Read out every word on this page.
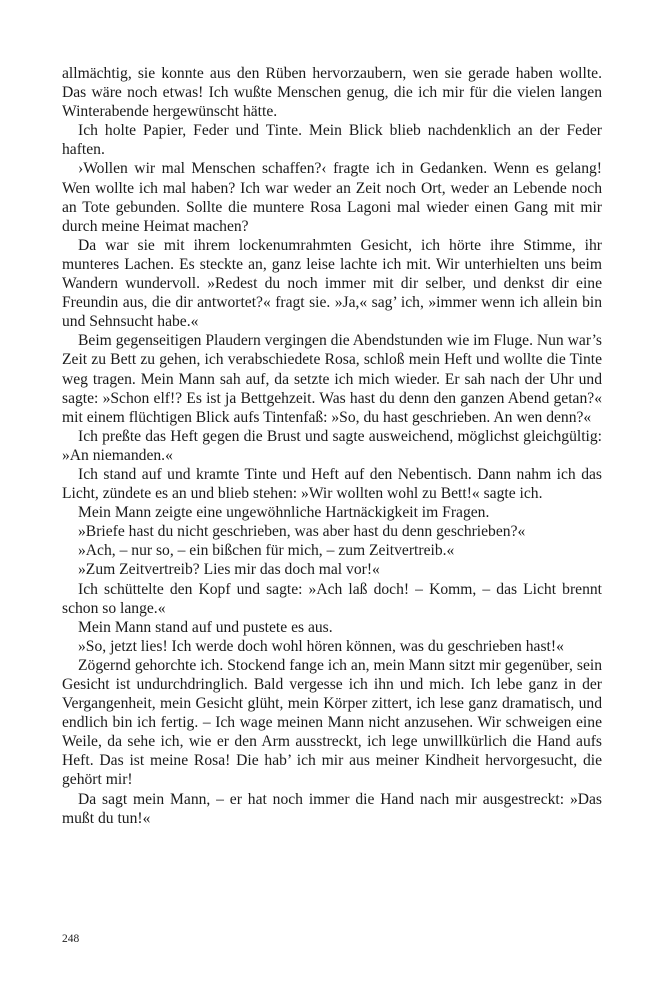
allmächtig, sie konnte aus den Rüben hervorzaubern, wen sie gerade haben wollte. Das wäre noch etwas! Ich wußte Menschen genug, die ich mir für die vielen langen Winterabende hergewünscht hätte.

Ich holte Papier, Feder und Tinte. Mein Blick blieb nachdenklich an der Feder haften.

›Wollen wir mal Menschen schaffen?‹ fragte ich in Gedanken. Wenn es gelang! Wen wollte ich mal haben? Ich war weder an Zeit noch Ort, weder an Lebende noch an Tote gebunden. Sollte die muntere Rosa Lagoni mal wieder einen Gang mit mir durch meine Heimat machen?

Da war sie mit ihrem lockenumrahmten Gesicht, ich hörte ihre Stimme, ihr munteres Lachen. Es steckte an, ganz leise lachte ich mit. Wir unterhielten uns beim Wandern wundervoll. »Redest du noch immer mit dir selber, und denkst dir eine Freundin aus, die dir antwortet?« fragt sie. »Ja,« sag’ ich, »immer wenn ich allein bin und Sehnsucht habe.«

Beim gegenseitigen Plaudern vergingen die Abendstunden wie im Fluge. Nun war’s Zeit zu Bett zu gehen, ich verabschiedete Rosa, schloß mein Heft und wollte die Tinte weg tragen. Mein Mann sah auf, da setzte ich mich wieder. Er sah nach der Uhr und sagte: »Schon elf!? Es ist ja Bettgehzeit. Was hast du denn den ganzen Abend getan?« mit einem flüchtigen Blick aufs Tintenfaß: »So, du hast geschrieben. An wen denn?«

Ich preßte das Heft gegen die Brust und sagte ausweichend, möglichst gleichgültig: »An niemanden.«

Ich stand auf und kramte Tinte und Heft auf den Nebentisch. Dann nahm ich das Licht, zündete es an und blieb stehen: »Wir wollten wohl zu Bett!« sagte ich.

Mein Mann zeigte eine ungewöhnliche Hartnäckigkeit im Fragen.

»Briefe hast du nicht geschrieben, was aber hast du denn geschrieben?«

»Ach, – nur so, – ein bißchen für mich, – zum Zeitvertreib.«

»Zum Zeitvertreib? Lies mir das doch mal vor!«

Ich schüttelte den Kopf und sagte: »Ach laß doch! – Komm, – das Licht brennt schon so lange.«

Mein Mann stand auf und pustete es aus.

»So, jetzt lies! Ich werde doch wohl hören können, was du geschrieben hast!«

Zögernd gehorchte ich. Stockend fange ich an, mein Mann sitzt mir gegenüber, sein Gesicht ist undurchdringlich. Bald vergesse ich ihn und mich. Ich lebe ganz in der Vergangenheit, mein Gesicht glüht, mein Körper zittert, ich lese ganz dramatisch, und endlich bin ich fertig. – Ich wage meinen Mann nicht anzusehen. Wir schweigen eine Weile, da sehe ich, wie er den Arm ausstreckt, ich lege unwillkürlich die Hand aufs Heft. Das ist meine Rosa! Die hab’ ich mir aus meiner Kindheit hervorgesucht, die gehört mir!

Da sagt mein Mann, – er hat noch immer die Hand nach mir ausgestreckt: »Das mußt du tun!«

248
